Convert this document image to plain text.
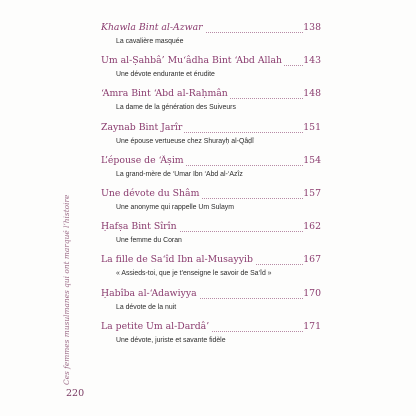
Khawla Bint al-Azwar	138
La cavalière masquée
Um al-Ṣahbâ’ Mu‘âdha Bint ‘Abd Allah	143
Une dévote endurante et érudite
‘Amra Bint ‘Abd al-Raḥmân	148
La dame de la génération des Suiveurs
Zaynab Bint Jarîr	151
Une épouse vertueuse chez Shurayḥ al-Qâḍî
L’épouse de ‘Âṣim	154
La grand-mère de ‘Umar Ibn ‘Abd al-‘Azîz
Une dévote du Shâm	157
Une anonyme qui rappelle Um Sulaym
Ḥafṣa Bint Sîrîn	162
Une femme du Coran
La fille de Sa‘îd Ibn al-Musayyib	167
« Assieds-toi, que je t’enseigne le savoir de Sa‘îd »
Ḥabîba al-‘Adawiyya	170
La dévote de la nuit
La petite Um al-Dardâ’	171
Une dévote, juriste et savante fidèle
Ces femmes musulmanes qui ont marqué l’histoire
220
